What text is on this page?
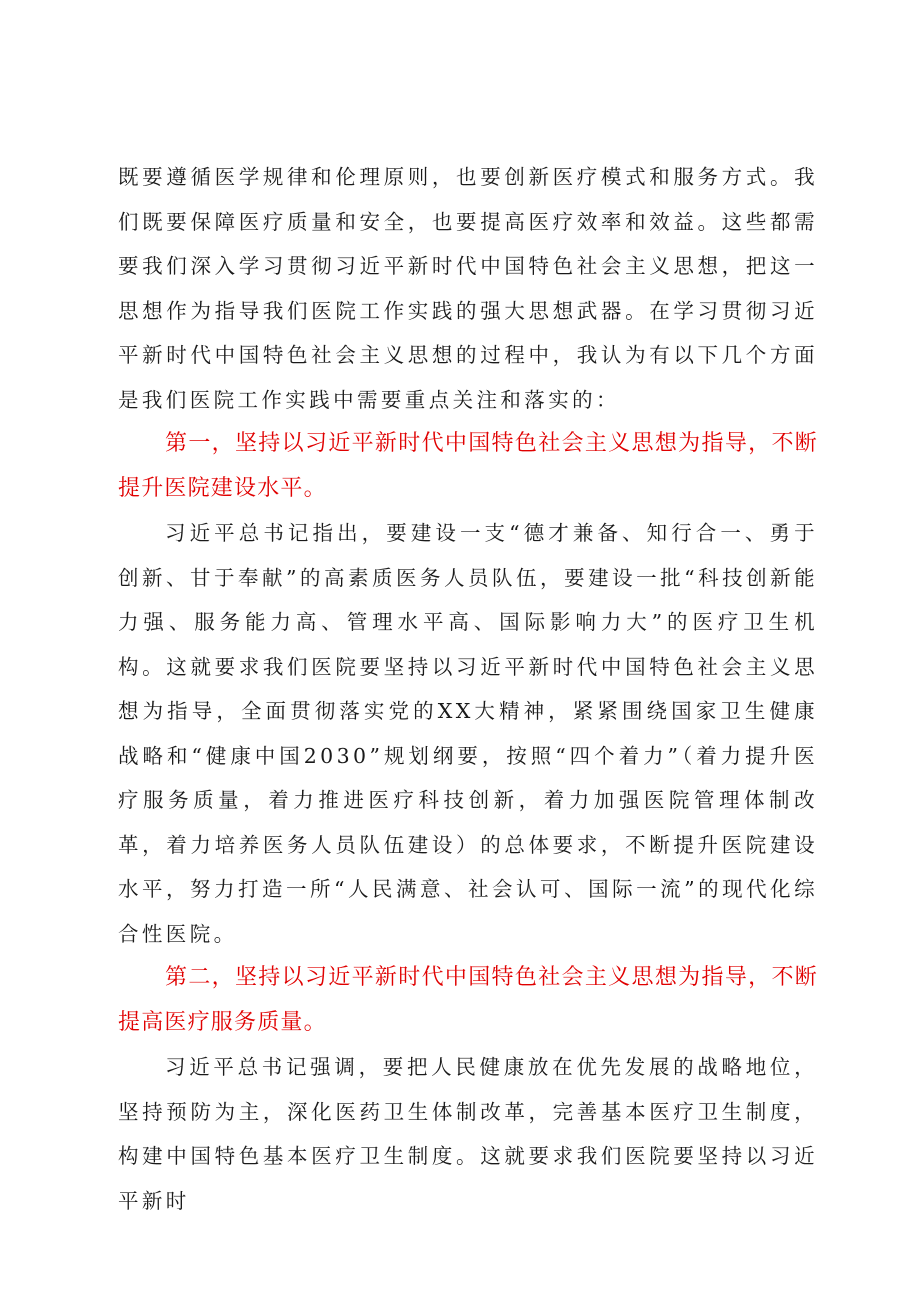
既要遵循医学规律和伦理原则，也要创新医疗模式和服务方式。我们既要保障医疗质量和安全，也要提高医疗效率和效益。这些都需要我们深入学习贯彻习近平新时代中国特色社会主义思想，把这一思想作为指导我们医院工作实践的强大思想武器。在学习贯彻习近平新时代中国特色社会主义思想的过程中，我认为有以下几个方面是我们医院工作实践中需要重点关注和落实的：

第一，坚持以习近平新时代中国特色社会主义思想为指导，不断提升医院建设水平。

习近平总书记指出，要建设一支“德才兼备、知行合一、勇于创新、甘于奉献”的高素质医务人员队伍，要建设一批“科技创新能力强、服务能力高、管理水平高、国际影响力大”的医疗卫生机构。这就要求我们医院要坚持以习近平新时代中国特色社会主义思想为指导，全面贯彻落实党的XX大精神，紧紧围绕国家卫生健康战略和“健康中国2030”规划纲要，按照“四个着力”（着力提升医疗服务质量，着力推进医疗科技创新，着力加强医院管理体制改革，着力培养医务人员队伍建设）的总体要求，不断提升医院建设水平，努力打造一所“人民满意、社会认可、国际一流”的现代化综合性医院。

第二，坚持以习近平新时代中国特色社会主义思想为指导，不断提高医疗服务质量。

习近平总书记强调，要把人民健康放在优先发展的战略地位，坚持预防为主，深化医药卫生体制改革，完善基本医疗卫生制度，构建中国特色基本医疗卫生制度。这就要求我们医院要坚持以习近平新时
